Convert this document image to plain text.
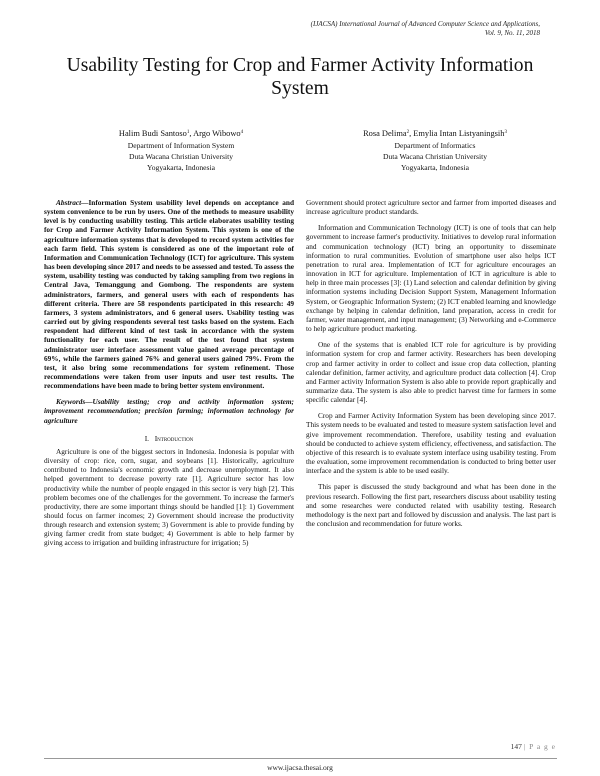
(IJACSA) International Journal of Advanced Computer Science and Applications,
Vol. 9, No. 11, 2018
Usability Testing for Crop and Farmer Activity Information System
Halim Budi Santoso$^1$, Argo Wibowo$^4$
Department of Information System
Duta Wacana Christian University
Yogyakarta, Indonesia
Rosa Delima$^2$, Emylia Intan Listyaningsih$^3$
Department of Informatics
Duta Wacana Christian University
Yogyakarta, Indonesia

Abstract—Information System usability level depends on acceptance and system convenience to be run by users. One of the methods to measure usability level is by conducting usability testing. This article elaborates usability testing for Crop and Farmer Activity Information System. This system is one of the agriculture information systems that is developed to record system activities for each farm field. This system is considered as one of the important role of Information and Communication Technology (ICT) for agriculture. This system has been developing since 2017 and needs to be assessed and tested. To assess the system, usability testing was conducted by taking sampling from two regions in Central Java, Temanggung and Gombong. The respondents are system administrators, farmers, and general users with each of respondents has different criteria. There are 58 respondents participated in this research: 49 farmers, 3 system administrators, and 6 general users. Usability testing was carried out by giving respondents several test tasks based on the system. Each respondent had different kind of test task in accordance with the system functionality for each user. The result of the test found that system administrator user interface assessment value gained average percentage of 69%, while the farmers gained 76% and general users gained 79%. From the test, it also bring some recommendations for system refinement. Those recommendations were taken from user inputs and user test results. The recommendations have been made to bring better system environment.

Keywords—Usability testing; crop and activity information system; improvement recommendation; precision farming; information technology for agriculture

I. Introduction

Agriculture is one of the biggest sectors in Indonesia. Indonesia is popular with diversity of crop: rice, corn, sugar, and soybeans [1]. Historically, agriculture contributed to Indonesia's economic growth and decrease unemployment. It also helped government to decrease poverty rate [1]. Agriculture sector has low productivity while the number of people engaged in this sector is very high [2]. This problem becomes one of the challenges for the government. To increase the farmer's productivity, there are some important things should be handled [1]: 1) Government should focus on farmer incomes; 2) Government should increase the productivity through research and extension system; 3) Government is able to provide funding by giving farmer credit from state budget; 4) Government is able to help farmer by giving access to irrigation and building infrastructure for irrigation; 5)

Government should protect agriculture sector and farmer from imported diseases and increase agriculture product standards.

Information and Communication Technology (ICT) is one of tools that can help government to increase farmer's productivity. Initiatives to develop rural information and communication technology (ICT) bring an opportunity to disseminate information to rural communities. Evolution of smartphone user also helps ICT penetration to rural area. Implementation of ICT for agriculture encourages an innovation in ICT for agriculture. Implementation of ICT in agriculture is able to help in three main processes [3]: (1) Land selection and calendar definition by giving information systems including Decision Support System, Management Information System, or Geographic Information System; (2) ICT enabled learning and knowledge exchange by helping in calendar definition, land preparation, access in credit for farmer, water management, and input management; (3) Networking and e-Commerce to help agriculture product marketing.

One of the systems that is enabled ICT role for agriculture is by providing information system for crop and farmer activity. Researchers has been developing crop and farmer activity in order to collect and issue crop data collection, planting calendar definition, farmer activity, and agriculture product data collection [4]. Crop and Farmer activity Information System is also able to provide report graphically and summarize data. The system is also able to predict harvest time for farmers in some specific calendar [4].

Crop and Farmer Activity Information System has been developing since 2017. This system needs to be evaluated and tested to measure system satisfaction level and give improvement recommendation. Therefore, usability testing and evaluation should be conducted to achieve system efficiency, effectiveness, and satisfaction. The objective of this research is to evaluate system interface using usability testing. From the evaluation, some improvement recommendation is conducted to bring better user interface and the system is able to be used easily.

This paper is discussed the study background and what has been done in the previous research. Following the first part, researchers discuss about usability testing and some researches were conducted related with usability testing. Research methodology is the next part and followed by discussion and analysis. The last part is the conclusion and recommendation for future works.

147 | P a g e
www.ijacsa.thesai.org
